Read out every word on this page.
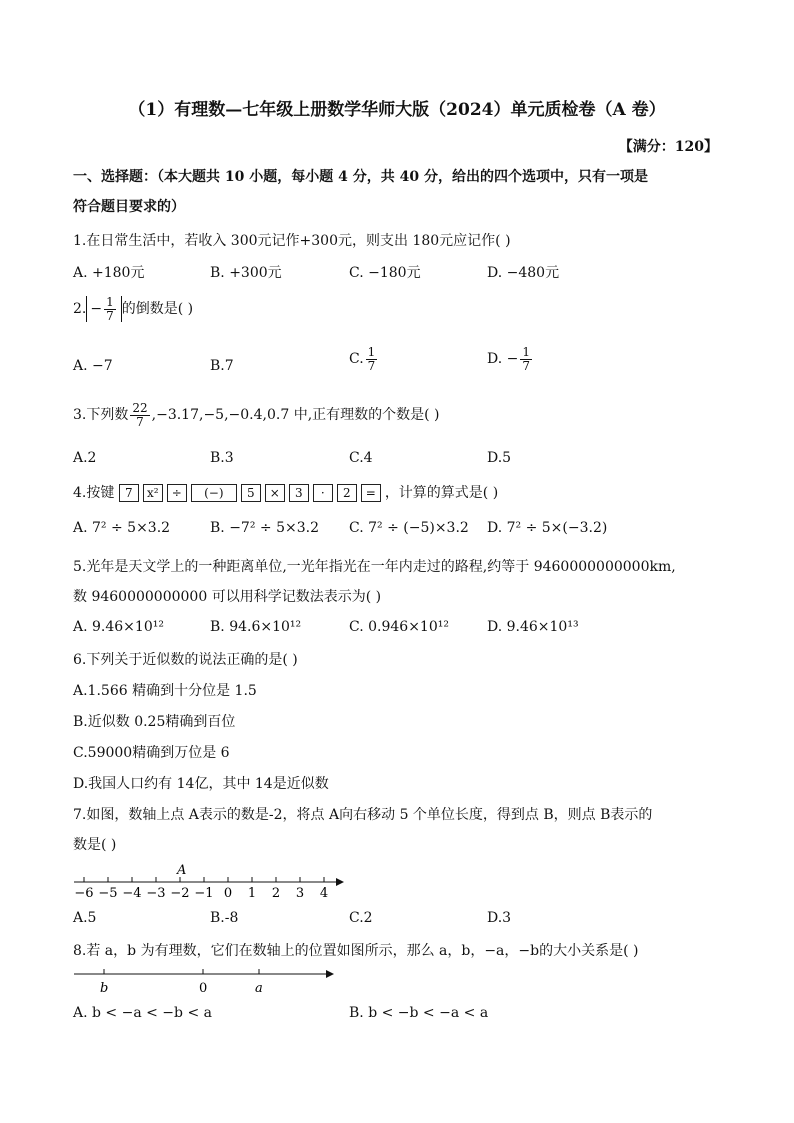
（1）有理数—七年级上册数学华师大版（2024）单元质检卷（A 卷）
【满分：120】
一、选择题：（本大题共 10 小题，每小题 4 分，共 40 分，给出的四个选项中，只有一项是
符合题目要求的）
1.在日常生活中，若收入 300元记作+300元，则支出 180元应记作( )
A. +180元	B. +300元	C. −180元	D. −480元
2. − $\frac{1}{7}$ 的倒数是( )
A. −7	B.7	C. $\frac{1}{7}$	D. − $\frac{1}{7}$
3.下列数 $\frac{22}{7} ,-3.17,-5,-0.4,0.7$ 中,正有理数的个数是( )
A.2	B.3	C.4	D.5
4.按键 7 x² ÷ (−) 5 × 3 · 2 = ，计算的算式是( )
A. 7² ÷ 5×3.2	B. −7² ÷ 5×3.2 C. 7² ÷ (−5)×3.2 D. 7² ÷ 5×(−3.2)
5.光年是天文学上的一种距离单位,一光年指光在一年内走过的路程,约等于 9460000000000km,
数 9460000000000 可以用科学记数法表示为( )
A. 9.46×10¹²	B. 94.6×10¹²	C. 0.946×10¹²	D. 9.46×10¹³
6.下列关于近似数的说法正确的是( )
A.1.566 精确到十分位是 1.5
B.近似数 0.25精确到百位
C.59000精确到万位是 6
D.我国人口约有 14亿，其中 14是近似数
7.如图，数轴上点 A表示的数是-2，将点 A向右移动 5 个单位长度，得到点 B，则点 B表示的
数是( )
−6 −5 −4 −3 −2 −1 0 1 2 3 4
A
A.5	B.-8	C.2	D.3
8.若 a，b 为有理数，它们在数轴上的位置如图所示，那么 a，b，−a，−b的大小关系是( )
b	0	a
A. b < −a < −b < a	B. b < −b < −a < a
